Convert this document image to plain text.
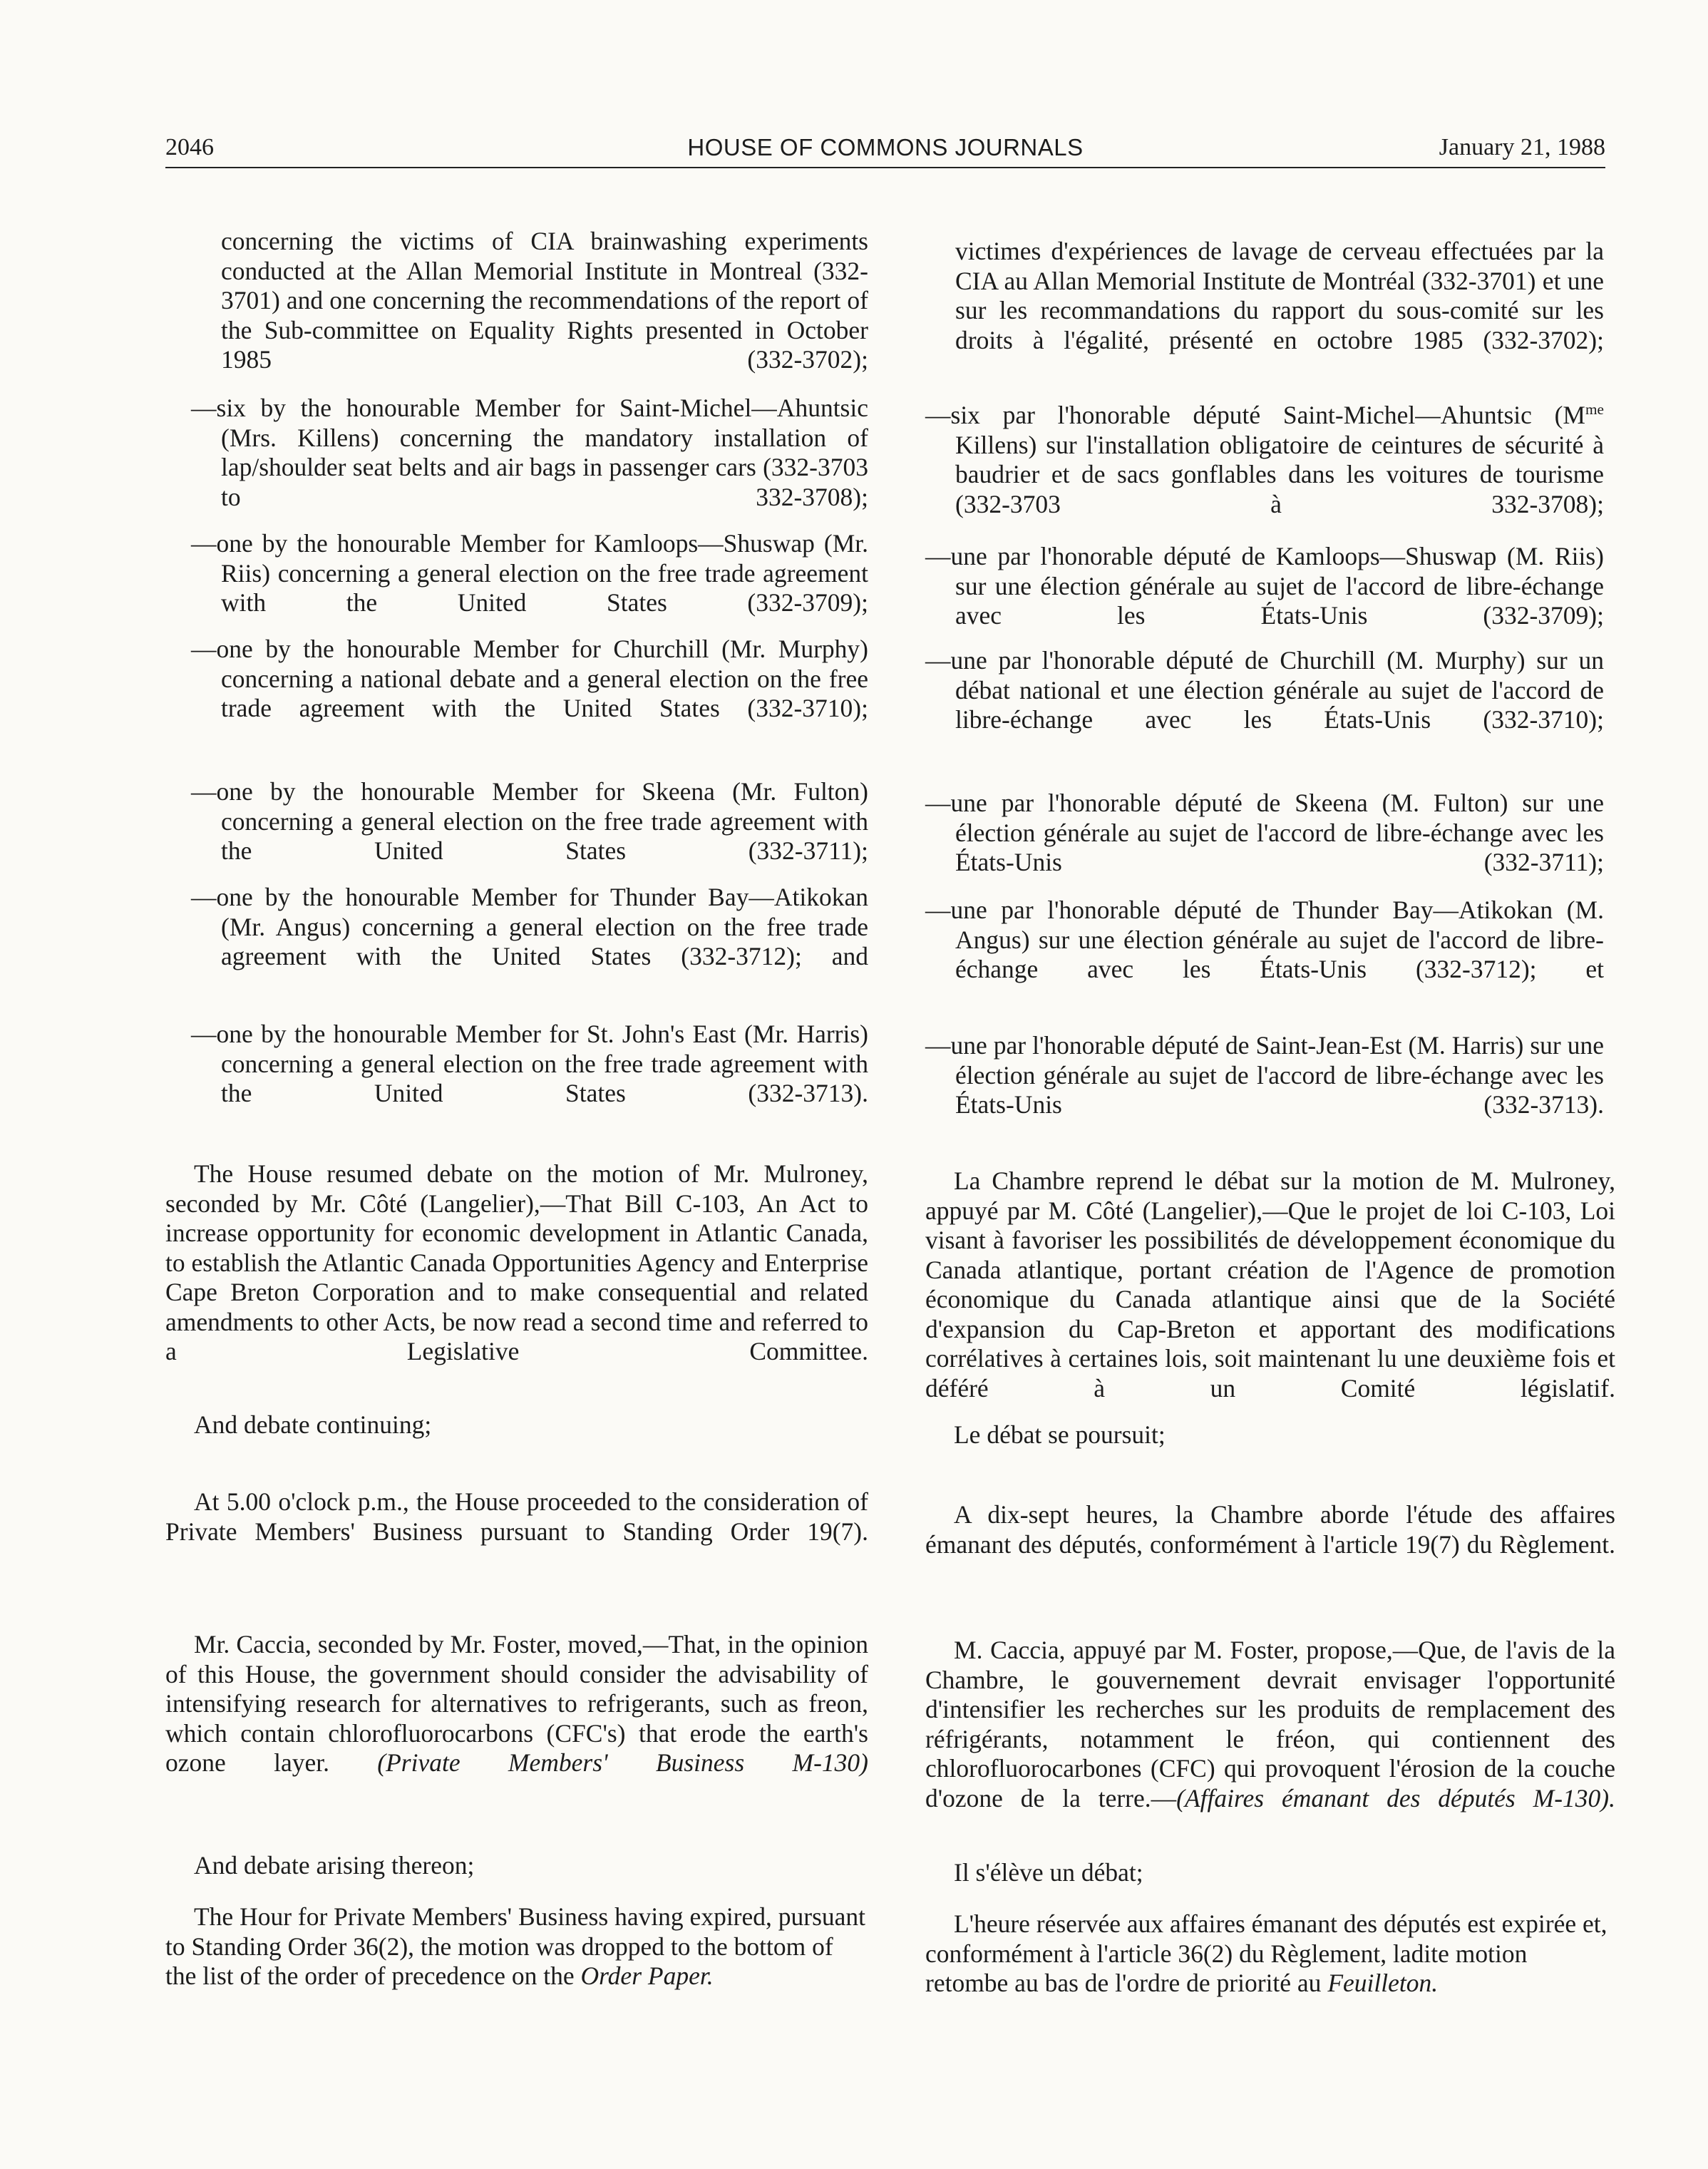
2046	HOUSE OF COMMONS JOURNALS	January 21, 1988

concerning the victims of CIA brainwashing experiments conducted at the Allan Memorial Institute in Montreal (332-3701) and one concerning the recommendations of the report of the Sub-committee on Equality Rights presented in October 1985 (332-3702);

—six by the honourable Member for Saint-Michel—Ahuntsic (Mrs. Killens) concerning the mandatory installation of lap/shoulder seat belts and air bags in passenger cars (332-3703 to 332-3708);

—one by the honourable Member for Kamloops—Shuswap (Mr. Riis) concerning a general election on the free trade agreement with the United States (332-3709);

—one by the honourable Member for Churchill (Mr. Murphy) concerning a national debate and a general election on the free trade agreement with the United States (332-3710);

—one by the honourable Member for Skeena (Mr. Fulton) concerning a general election on the free trade agreement with the United States (332-3711);

—one by the honourable Member for Thunder Bay—Atikokan (Mr. Angus) concerning a general election on the free trade agreement with the United States (332-3712); and

—one by the honourable Member for St. John's East (Mr. Harris) concerning a general election on the free trade agreement with the United States (332-3713).

The House resumed debate on the motion of Mr. Mulroney, seconded by Mr. Côté (Langelier),—That Bill C-103, An Act to increase opportunity for economic development in Atlantic Canada, to establish the Atlantic Canada Opportunities Agency and Enterprise Cape Breton Corporation and to make consequential and related amendments to other Acts, be now read a second time and referred to a Legislative Committee.

And debate continuing;

At 5.00 o'clock p.m., the House proceeded to the consideration of Private Members' Business pursuant to Standing Order 19(7).

Mr. Caccia, seconded by Mr. Foster, moved,—That, in the opinion of this House, the government should consider the advisability of intensifying research for alternatives to refrigerants, such as freon, which contain chlorofluorocarbons (CFC's) that erode the earth's ozone layer. (Private Members' Business M-130)

And debate arising thereon;

The Hour for Private Members' Business having expired, pursuant to Standing Order 36(2), the motion was dropped to the bottom of the list of the order of precedence on the Order Paper.

victimes d'expériences de lavage de cerveau effectuées par la CIA au Allan Memorial Institute de Montréal (332-3701) et une sur les recommandations du rapport du sous-comité sur les droits à l'égalité, présenté en octobre 1985 (332-3702);

—six par l'honorable député Saint-Michel—Ahuntsic ($M^{me}$ Killens) sur l'installation obligatoire de ceintures de sécurité à baudrier et de sacs gonflables dans les voitures de tourisme (332-3703 à 332-3708);

—une par l'honorable député de Kamloops—Shuswap (M. Riis) sur une élection générale au sujet de l'accord de libre-échange avec les États-Unis (332-3709);

—une par l'honorable député de Churchill (M. Murphy) sur un débat national et une élection générale au sujet de l'accord de libre-échange avec les États-Unis (332-3710);

—une par l'honorable député de Skeena (M. Fulton) sur une élection générale au sujet de l'accord de libre-échange avec les États-Unis (332-3711);

—une par l'honorable député de Thunder Bay—Atikokan (M. Angus) sur une élection générale au sujet de l'accord de libre-échange avec les États-Unis (332-3712); et

—une par l'honorable député de Saint-Jean-Est (M. Harris) sur une élection générale au sujet de l'accord de libre-échange avec les États-Unis (332-3713).

La Chambre reprend le débat sur la motion de M. Mulroney, appuyé par M. Côté (Langelier),—Que le projet de loi C-103, Loi visant à favoriser les possibilités de développement économique du Canada atlantique, portant création de l'Agence de promotion économique du Canada atlantique ainsi que de la Société d'expansion du Cap-Breton et apportant des modifications corrélatives à certaines lois, soit maintenant lu une deuxième fois et déféré à un Comité législatif.

Le débat se poursuit;

A dix-sept heures, la Chambre aborde l'étude des affaires émanant des députés, conformément à l'article 19(7) du Règlement.

M. Caccia, appuyé par M. Foster, propose,—Que, de l'avis de la Chambre, le gouvernement devrait envisager l'opportunité d'intensifier les recherches sur les produits de remplacement des réfrigérants, notamment le fréon, qui contiennent des chlorofluorocarbones (CFC) qui provoquent l'érosion de la couche d'ozone de la terre.—(Affaires émanant des députés M-130).

Il s'élève un débat;

L'heure réservée aux affaires émanant des députés est expirée et, conformément à l'article 36(2) du Règlement, ladite motion retombe au bas de l'ordre de priorité au Feuilleton.
